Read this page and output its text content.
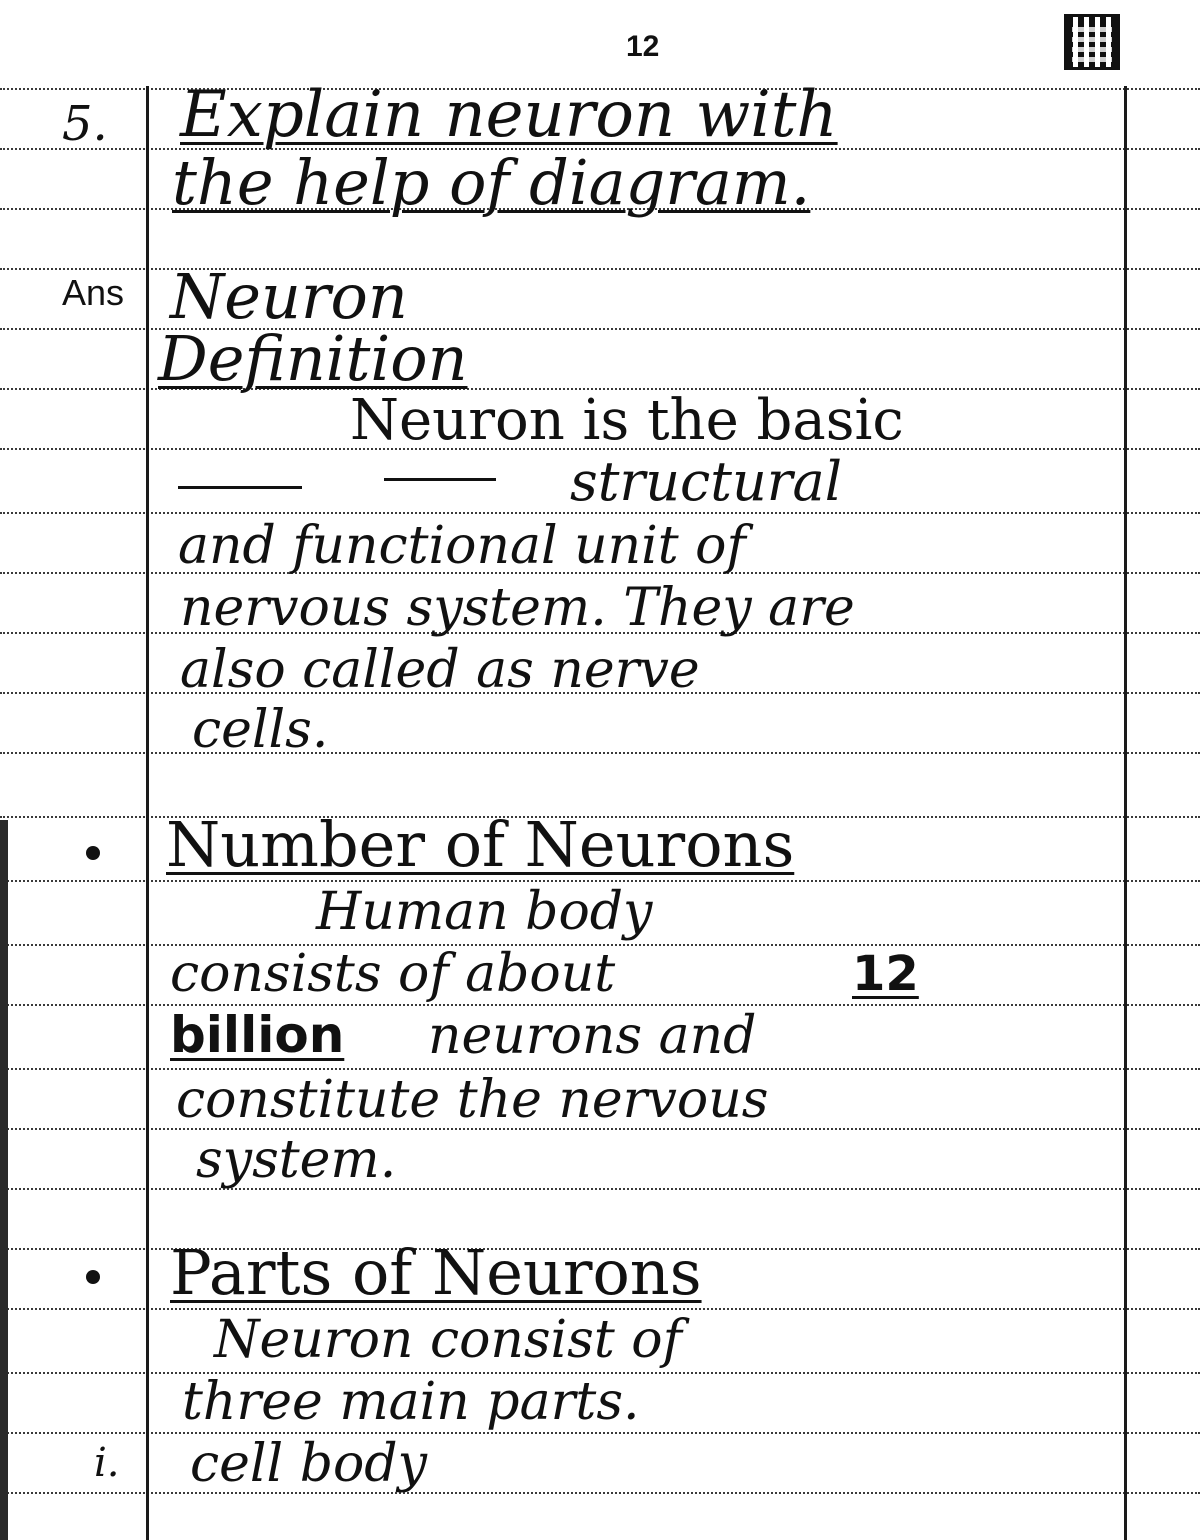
12
5. Explain neuron with
the help of diagram.
Ans Neuron
Definition
Neuron is the basic
structural
and functional unit of
nervous system. They are
also called as nerve
cells.
Number of Neurons
Human body
consists of about	12
billion neurons and
constitute the nervous
system.
Parts of Neurons
Neuron consist of
three main parts.
i. cell body
